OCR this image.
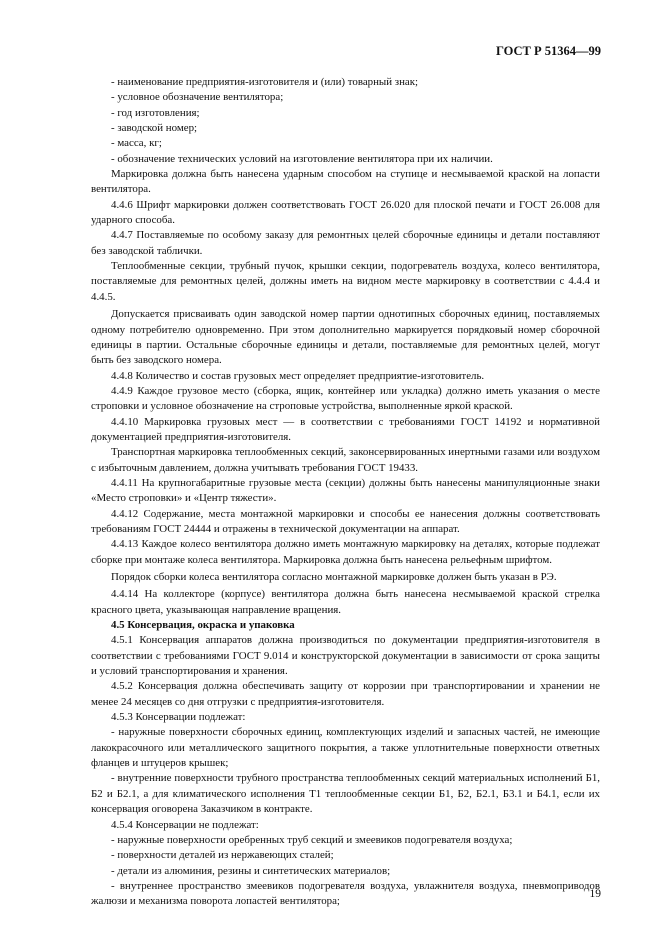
ГОСТ Р 51364—99
- наименование предприятия-изготовителя и (или) товарный знак;
- условное обозначение вентилятора;
- год изготовления;
- заводской номер;
- масса, кг;
- обозначение технических условий на изготовление вентилятора при их наличии.
Маркировка должна быть нанесена ударным способом на ступице и несмываемой краской на лопасти вентилятора.
4.4.6 Шрифт маркировки должен соответствовать ГОСТ 26.020 для плоской печати и ГОСТ 26.008 для ударного способа.
4.4.7 Поставляемые по особому заказу для ремонтных целей сборочные единицы и детали поставляют без заводской таблички.
Теплообменные секции, трубный пучок, крышки секции, подогреватель воздуха, колесо вентилятора, поставляемые для ремонтных целей, должны иметь на видном месте маркировку в соответствии с 4.4.4 и 4.4.5.
Допускается присваивать один заводской номер партии однотипных сборочных единиц, поставляемых одному потребителю одновременно. При этом дополнительно маркируется порядковый номер сборочной единицы в партии. Остальные сборочные единицы и детали, поставляемые для ремонтных целей, могут быть без заводского номера.
4.4.8 Количество и состав грузовых мест определяет предприятие-изготовитель.
4.4.9 Каждое грузовое место (сборка, ящик, контейнер или укладка) должно иметь указания о месте строповки и условное обозначение на строповые устройства, выполненные яркой краской.
4.4.10 Маркировка грузовых мест — в соответствии с требованиями ГОСТ 14192 и нормативной документацией предприятия-изготовителя.
Транспортная маркировка теплообменных секций, законсервированных инертными газами или воздухом с избыточным давлением, должна учитывать требования ГОСТ 19433.
4.4.11 На крупногабаритные грузовые места (секции) должны быть нанесены манипуляционные знаки «Место строповки» и «Центр тяжести».
4.4.12 Содержание, места монтажной маркировки и способы ее нанесения должны соответствовать требованиям ГОСТ 24444 и отражены в технической документации на аппарат.
4.4.13 Каждое колесо вентилятора должно иметь монтажную маркировку на деталях, которые подлежат сборке при монтаже колеса вентилятора. Маркировка должна быть нанесена рельефным шрифтом.
Порядок сборки колеса вентилятора согласно монтажной маркировке должен быть указан в РЭ.
4.4.14 На коллекторе (корпусе) вентилятора должна быть нанесена несмываемой краской стрелка красного цвета, указывающая направление вращения.
4.5 Консервация, окраска и упаковка
4.5.1 Консервация аппаратов должна производиться по документации предприятия-изготовителя в соответствии с требованиями ГОСТ 9.014 и конструкторской документации в зависимости от срока защиты и условий транспортирования и хранения.
4.5.2 Консервация должна обеспечивать защиту от коррозии при транспортировании и хранении не менее 24 месяцев со дня отгрузки с предприятия-изготовителя.
4.5.3 Консервации подлежат:
- наружные поверхности сборочных единиц, комплектующих изделий и запасных частей, не имеющие лакокрасочного или металлического защитного покрытия, а также уплотнительные поверхности ответных фланцев и штуцеров крышек;
- внутренние поверхности трубного пространства теплообменных секций материальных исполнений Б1, Б2 и Б2.1, а для климатического исполнения Т1 теплообменные секции Б1, Б2, Б2.1, Б3.1 и Б4.1, если их консервация оговорена Заказчиком в контракте.
4.5.4 Консервации не подлежат:
- наружные поверхности оребренных труб секций и змеевиков подогревателя воздуха;
- поверхности деталей из нержавеющих сталей;
- детали из алюминия, резины и синтетических материалов;
- внутреннее пространство змеевиков подогревателя воздуха, увлажнителя воздуха, пневмоприводов жалюзи и механизма поворота лопастей вентилятора;
19
